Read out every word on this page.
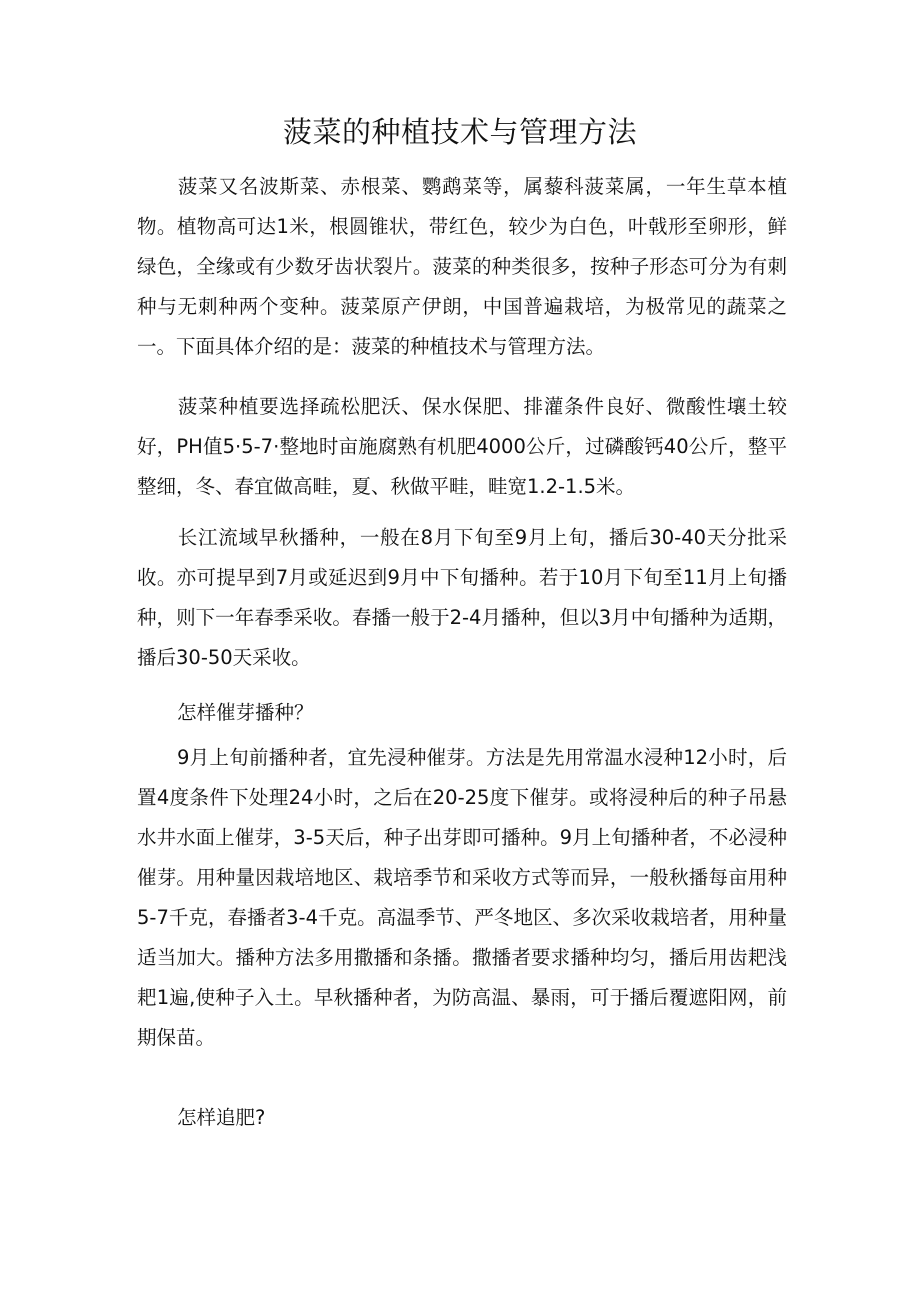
菠菜的种植技术与管理方法

菠菜又名波斯菜、赤根菜、鹦鹉菜等，属藜科菠菜属，一年生草本植物。植物高可达1米，根圆锥状，带红色，较少为白色，叶戟形至卵形，鲜绿色，全缘或有少数牙齿状裂片。菠菜的种类很多，按种子形态可分为有刺种与无刺种两个变种。菠菜原产伊朗，中国普遍栽培，为极常见的蔬菜之一。下面具体介绍的是：菠菜的种植技术与管理方法。

菠菜种植要选择疏松肥沃、保水保肥、排灌条件良好、微酸性壤土较好，PH值5·5-7·整地时亩施腐熟有机肥4000公斤，过磷酸钙40公斤，整平整细，冬、春宜做高畦，夏、秋做平畦，畦宽1.2-1.5米。

长江流域早秋播种，一般在8月下旬至9月上旬，播后30-40天分批采收。亦可提早到7月或延迟到9月中下旬播种。若于10月下旬至11月上旬播种，则下一年春季采收。春播一般于2-4月播种，但以3月中旬播种为适期，播后30-50天采收。

怎样催芽播种？

9月上旬前播种者，宜先浸种催芽。方法是先用常温水浸种12小时，后置4度条件下处理24小时，之后在20-25度下催芽。或将浸种后的种子吊悬水井水面上催芽，3-5天后，种子出芽即可播种。9月上旬播种者，不必浸种催芽。用种量因栽培地区、栽培季节和采收方式等而异，一般秋播每亩用种5-7千克，春播者3-4千克。高温季节、严冬地区、多次采收栽培者，用种量适当加大。播种方法多用撒播和条播。撒播者要求播种均匀，播后用齿耙浅耙1遍,使种子入土。早秋播种者，为防高温、暴雨，可于播后覆遮阳网，前期保苗。

怎样追肥?
